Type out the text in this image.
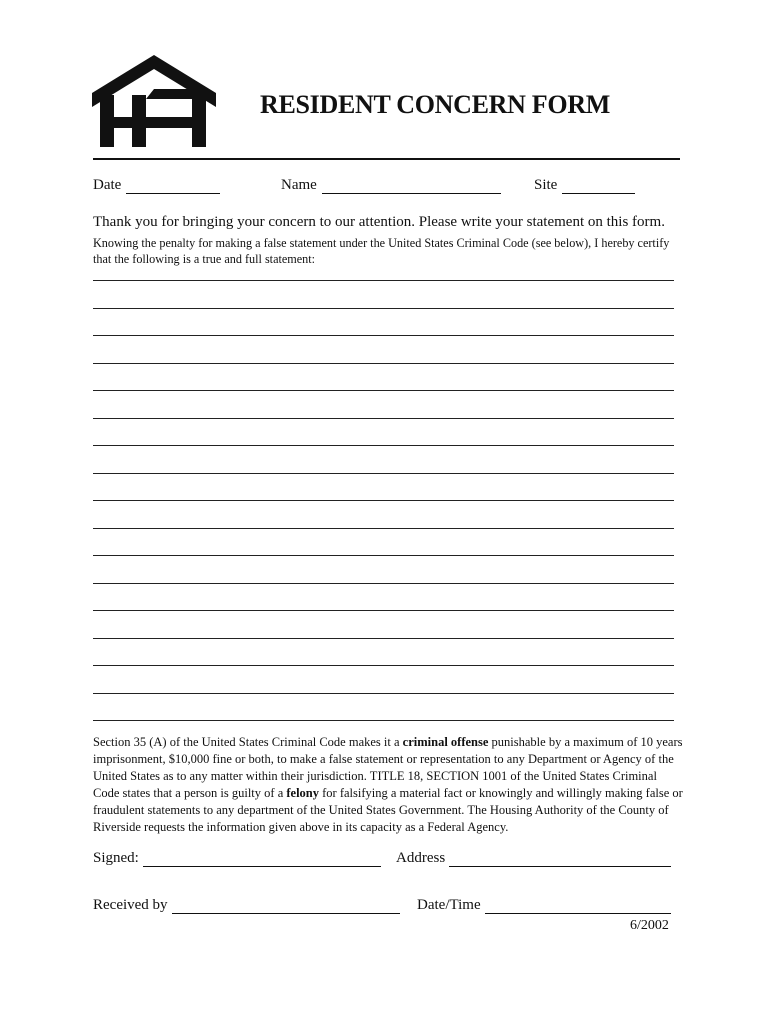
RESIDENT CONCERN FORM
Date	Name	Site
Thank you for bringing your concern to our attention. Please write your statement on this form.
Knowing the penalty for making a false statement under the United States Criminal Code (see below), I hereby certify that the following is a true and full statement:
Section 35 (A) of the United States Criminal Code makes it a criminal offense punishable by a maximum of 10 years imprisonment, $10,000 fine or both, to make a false statement or representation to any Department or Agency of the United States as to any matter within their jurisdiction. TITLE 18, SECTION 1001 of the United States Criminal Code states that a person is guilty of a felony for falsifying a material fact or knowingly and willingly making false or fraudulent statements to any department of the United States Government. The Housing Authority of the County of Riverside requests the information given above in its capacity as a Federal Agency.
Signed:	Address
Received by	Date/Time
6/2002
